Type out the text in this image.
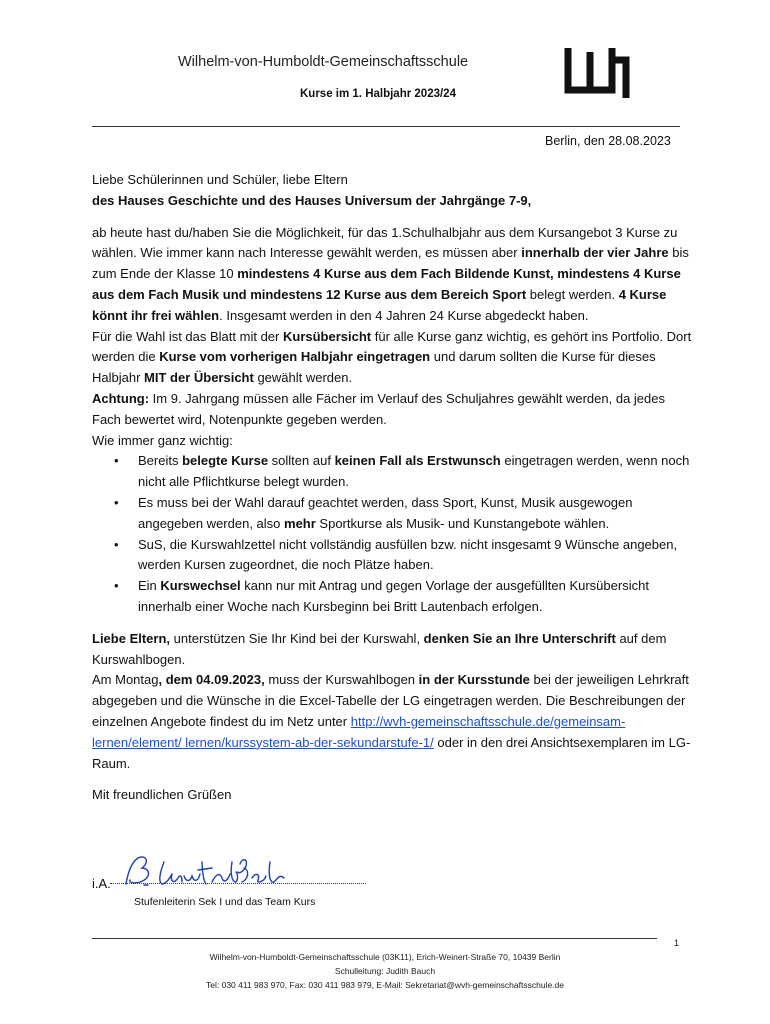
Wilhelm-von-Humboldt-Gemeinschaftsschule
Kurse im 1. Halbjahr 2023/24
Berlin, den 28.08.2023

Liebe Schülerinnen und Schüler, liebe Eltern

des Hauses Geschichte und des Hauses Universum der Jahrgänge 7-9,

ab heute hast du/haben Sie die Möglichkeit, für das 1.Schulhalbjahr aus dem Kursangebot 3 Kurse zu wählen. Wie immer kann nach Interesse gewählt werden, es müssen aber innerhalb der vier Jahre bis zum Ende der Klasse 10 mindestens 4 Kurse aus dem Fach Bildende Kunst, mindestens 4 Kurse aus dem Fach Musik und mindestens 12 Kurse aus dem Bereich Sport belegt werden. 4 Kurse könnt ihr frei wählen. Insgesamt werden in den 4 Jahren 24 Kurse abgedeckt haben.

Für die Wahl ist das Blatt mit der Kursübersicht für alle Kurse ganz wichtig, es gehört ins Portfolio. Dort werden die Kurse vom vorherigen Halbjahr eingetragen und darum sollten die Kurse für dieses Halbjahr MIT der Übersicht gewählt werden.

Achtung: Im 9. Jahrgang müssen alle Fächer im Verlauf des Schuljahres gewählt werden, da jedes Fach bewertet wird, Notenpunkte gegeben werden.

Wie immer ganz wichtig:

• Bereits belegte Kurse sollten auf keinen Fall als Erstwunsch eingetragen werden, wenn noch nicht alle Pflichtkurse belegt wurden.
• Es muss bei der Wahl darauf geachtet werden, dass Sport, Kunst, Musik ausgewogen angegeben werden, also mehr Sportkurse als Musik- und Kunstangebote wählen.
• SuS, die Kurswahlzettel nicht vollständig ausfüllen bzw. nicht insgesamt 9 Wünsche angeben, werden Kursen zugeordnet, die noch Plätze haben.
• Ein Kurswechsel kann nur mit Antrag und gegen Vorlage der ausgefüllten Kursübersicht innerhalb einer Woche nach Kursbeginn bei Britt Lautenbach erfolgen.

Liebe Eltern, unterstützen Sie Ihr Kind bei der Kurswahl, denken Sie an Ihre Unterschrift auf dem Kurswahlbogen.

Am Montag, dem 04.09.2023, muss der Kurswahlbogen in der Kursstunde bei der jeweiligen Lehrkraft abgegeben und die Wünsche in die Excel-Tabelle der LG eingetragen werden. Die Beschreibungen der einzelnen Angebote findest du im Netz unter http://wvh-gemeinschaftsschule.de/gemeinsam-lernen/element/ lernen/kurssystem-ab-der-sekundarstufe-1/ oder in den drei Ansichtsexemplaren im LG-Raum.

Mit freundlichen Grüßen

i.A.
Stufenleiterin Sek I und das Team Kurs
1
Wilhelm-von-Humboldt-Gemeinschaftsschule (03K11), Erich-Weinert-Straße 70, 10439 Berlin
Schulleitung: Judith Bauch
Tel: 030 411 983 970, Fax: 030 411 983 979, E-Mail: Sekretariat@wvh-gemeinschaftsschule.de
